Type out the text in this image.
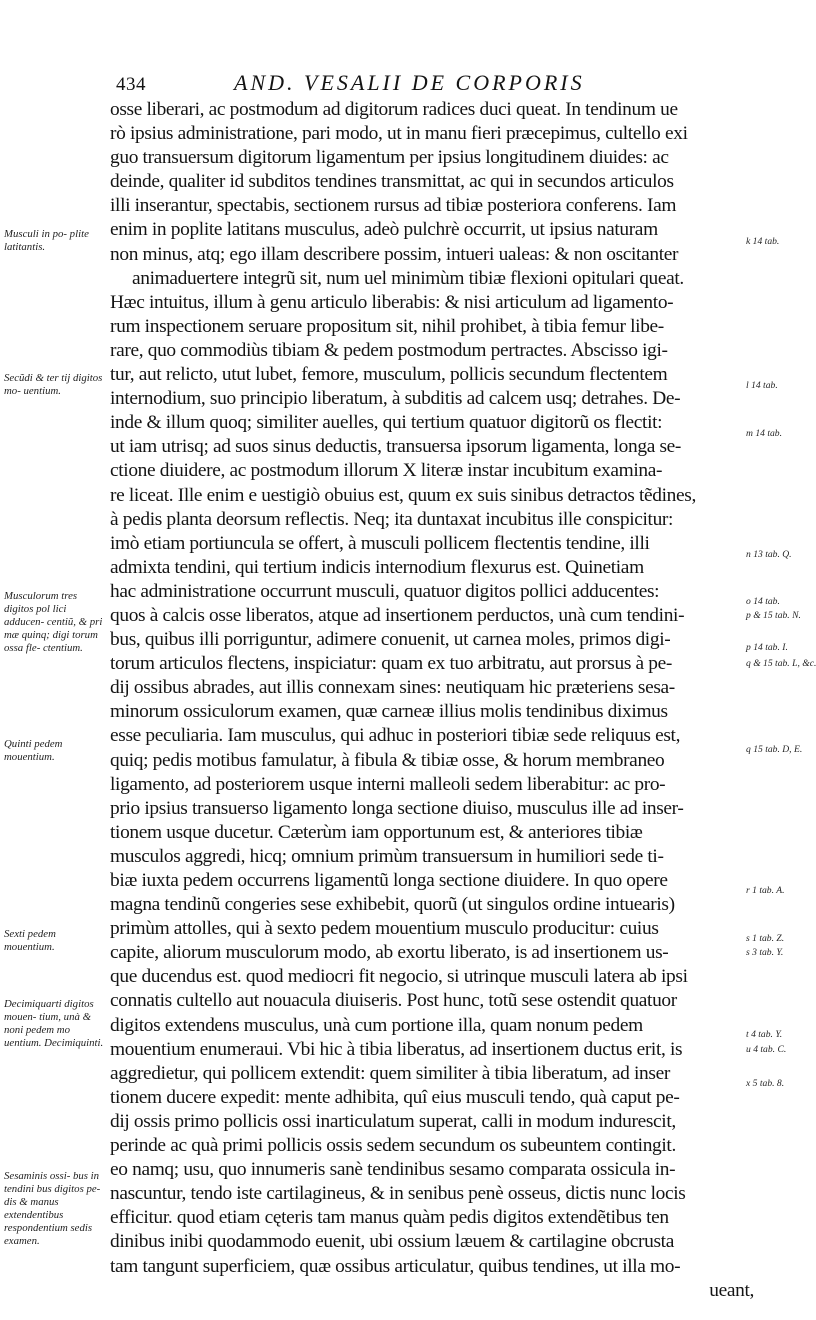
434	AND. VESALII DE CORPORIS
osse liberari, ac postmodum ad digitorum radices duci queat. In tendinum ue
rò ipsius administratione, pari modo, ut in manu fieri præcepimus, cultello exi
guo transuersum digitorum ligamentum per ipsius longitudinem diuides: ac
deinde, qualiter id subditos tendines transmittat, ac qui in secundos articulos
illi inserantur, spectabis, sectionem rursus ad tibiæ posteriora conferens. Iam
enim in poplite latitans musculus, adeò pulchrè occurrit, ut ipsius naturam
non minus, atq; ego illam describere possim, intueri ualeas: & non oscitanter
animaduertere integrũ sit, num uel minimùm tibiæ flexioni opitulari queat.
Hæc intuitus, illum à genu articulo liberabis: & nisi articulum ad ligamento-
rum inspectionem seruare propositum sit, nihil prohibet, à tibia femur libe-
rare, quo commodiùs tibiam & pedem postmodum pertractes. Abscisso igi-
tur, aut relicto, utut lubet, femore, musculum, pollicis secundum flectentem
internodium, suo principio liberatum, à subditis ad calcem usq; detrahes. De-
inde & illum quoq; similiter auelles, qui tertium quatuor digitorũ os flectit:
ut iam utrisq; ad suos sinus deductis, transuersa ipsorum ligamenta, longa se-
ctione diuidere, ac postmodum illorum X literæ instar incubitum examina-
re liceat. Ille enim e uestigiò obuius est, quum ex suis sinibus detractos tẽdines,
à pedis planta deorsum reflectis. Neq; ita duntaxat incubitus ille conspicitur:
imò etiam portiuncula se offert, à musculi pollicem flectentis tendine, illi
admixta tendini, qui tertium indicis internodium flexurus est. Quinetiam
hac administratione occurrunt musculi, quatuor digitos pollici adducentes:
quos à calcis osse liberatos, atque ad insertionem perductos, unà cum tendini-
bus, quibus illi porriguntur, adimere conuenit, ut carnea moles, primos digi-
torum articulos flectens, inspiciatur: quam ex tuo arbitratu, aut prorsus à pe-
dij ossibus abrades, aut illis connexam sines: neutiquam hic præteriens sesa-
minorum ossiculorum examen, quæ carneæ illius molis tendinibus diximus
esse peculiaria. Iam musculus, qui adhuc in posteriori tibiæ sede reliquus est,
quiq; pedis motibus famulatur, à fibula & tibiæ osse, & horum membraneo
ligamento, ad posteriorem usque interni malleoli sedem liberabitur: ac pro-
prio ipsius transuerso ligamento longa sectione diuiso, musculus ille ad inser-
tionem usque ducetur. Cæterùm iam opportunum est, & anteriores tibiæ
musculos aggredi, hicq; omnium primùm transuersum in humiliori sede ti-
biæ iuxta pedem occurrens ligamentũ longa sectione diuidere. In quo opere
magna tendinũ congeries sese exhibebit, quorũ (ut singulos ordine intuearis)
primùm attolles, qui à sexto pedem mouentium musculo producitur: cuius
capite, aliorum musculorum modo, ab exortu liberato, is ad insertionem us-
que ducendus est. quod mediocri fit negocio, si utrinque musculi latera ab ipsi
connatis cultello aut nouacula diuiseris. Post hunc, totũ sese ostendit quatuor
digitos extendens musculus, unà cum portione illa, quam nonum pedem
mouentium enumeraui. Vbi hic à tibia liberatus, ad insertionem ductus erit, is
aggredietur, qui pollicem extendit: quem similiter à tibia liberatum, ad inser
tionem ducere expedit: mente adhibita, quî eius musculi tendo, quà caput pe-
dij ossis primo pollicis ossi inarticulatum superat, calli in modum indurescit,
perinde ac quà primi pollicis ossis sedem secundum os subeuntem contingit.
eo namq; usu, quo innumeris sanè tendinibus sesamo comparata ossicula in-
nascuntur, tendo iste cartilagineus, & in senibus penè osseus, dictis nunc locis
efficitur. quod etiam cęteris tam manus quàm pedis digitos extendẽtibus ten
dinibus inibi quodammodo euenit, ubi ossium læuem & cartilagine obcrusta
tam tangunt superficiem, quæ ossibus articulatur, quibus tendines, ut illa mo-
ueant,
Musculi in po- plite latitantis.
Secũdi & ter tij digitos mo- uentium.
Musculorum tres digitos pol lici adducen- centiũ, & pri mæ quinq; digi torum ossa fle- ctentium.
Quinti pedem mouentium.
Sexti pedem mouentium.
Decimiquarti digitos mouen- tium, unà & noni pedem mo uentium. Decimiquinti.
Sesaminis ossi- bus in tendini bus digitos pe- dis & manus extendentibus respondentium sedis examen.
k 14 tab.
l 14 tab.
m 14 tab.
n 13 tab. Q.
o 14 tab.
p & 15 tab. N.
p 14 tab. I.
q & 15 tab. L, &c.
q 15 tab. D, E.
r 1 tab. A.
s 1 tab. Z.
s 3 tab. Y.
t 4 tab. Y.
u 4 tab. C.
x 5 tab. 8.
